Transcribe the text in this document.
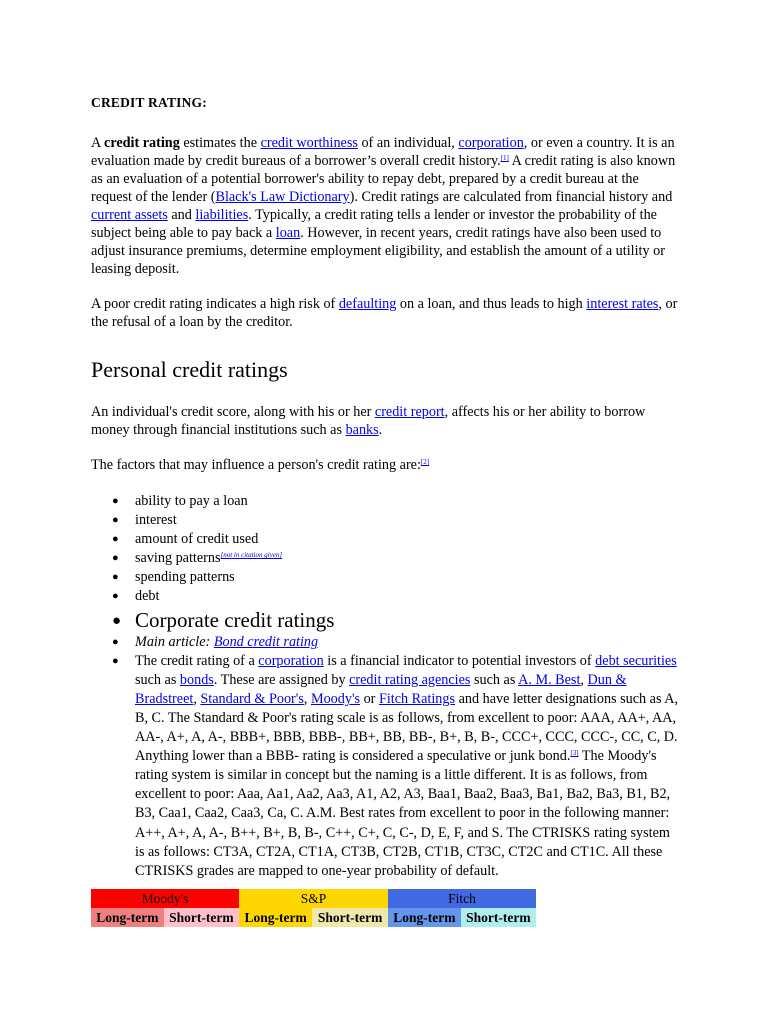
CREDIT RATING:

A credit rating estimates the credit worthiness of an individual, corporation, or even a country. It is an evaluation made by credit bureaus of a borrower’s overall credit history.[1] A credit rating is also known as an evaluation of a potential borrower's ability to repay debt, prepared by a credit bureau at the request of the lender (Black's Law Dictionary). Credit ratings are calculated from financial history and current assets and liabilities. Typically, a credit rating tells a lender or investor the probability of the subject being able to pay back a loan. However, in recent years, credit ratings have also been used to adjust insurance premiums, determine employment eligibility, and establish the amount of a utility or leasing deposit.

A poor credit rating indicates a high risk of defaulting on a loan, and thus leads to high interest rates, or the refusal of a loan by the creditor.

Personal credit ratings

An individual's credit score, along with his or her credit report, affects his or her ability to borrow money through financial institutions such as banks.

The factors that may influence a person's credit rating are:[2]

● ability to pay a loan
● interest
● amount of credit used
● saving patterns[not in citation given]
● spending patterns
● debt
● Corporate credit ratings
● Main article: Bond credit rating
● The credit rating of a corporation is a financial indicator to potential investors of debt securities such as bonds. These are assigned by credit rating agencies such as A. M. Best, Dun & Bradstreet, Standard & Poor's, Moody's or Fitch Ratings and have letter designations such as A, B, C. The Standard & Poor's rating scale is as follows, from excellent to poor: AAA, AA+, AA, AA-, A+, A, A-, BBB+, BBB, BBB-, BB+, BB, BB-, B+, B, B-, CCC+, CCC, CCC-, CC, C, D. Anything lower than a BBB- rating is considered a speculative or junk bond.[3] The Moody's rating system is similar in concept but the naming is a little different. It is as follows, from excellent to poor: Aaa, Aa1, Aa2, Aa3, A1, A2, A3, Baa1, Baa2, Baa3, Ba1, Ba2, Ba3, B1, B2, B3, Caa1, Caa2, Caa3, Ca, C. A.M. Best rates from excellent to poor in the following manner: A++, A+, A, A-, B++, B+, B, B-, C++, C+, C, C-, D, E, F, and S. The CTRISKS rating system is as follows: CT3A, CT2A, CT1A, CT3B, CT2B, CT1B, CT3C, CT2C and CT1C. All these CTRISKS grades are mapped to one-year probability of default.
Moody's		S&P		Fitch	
Long-term	Short-term	Long-term	Short-term	Long-term	Short-term
